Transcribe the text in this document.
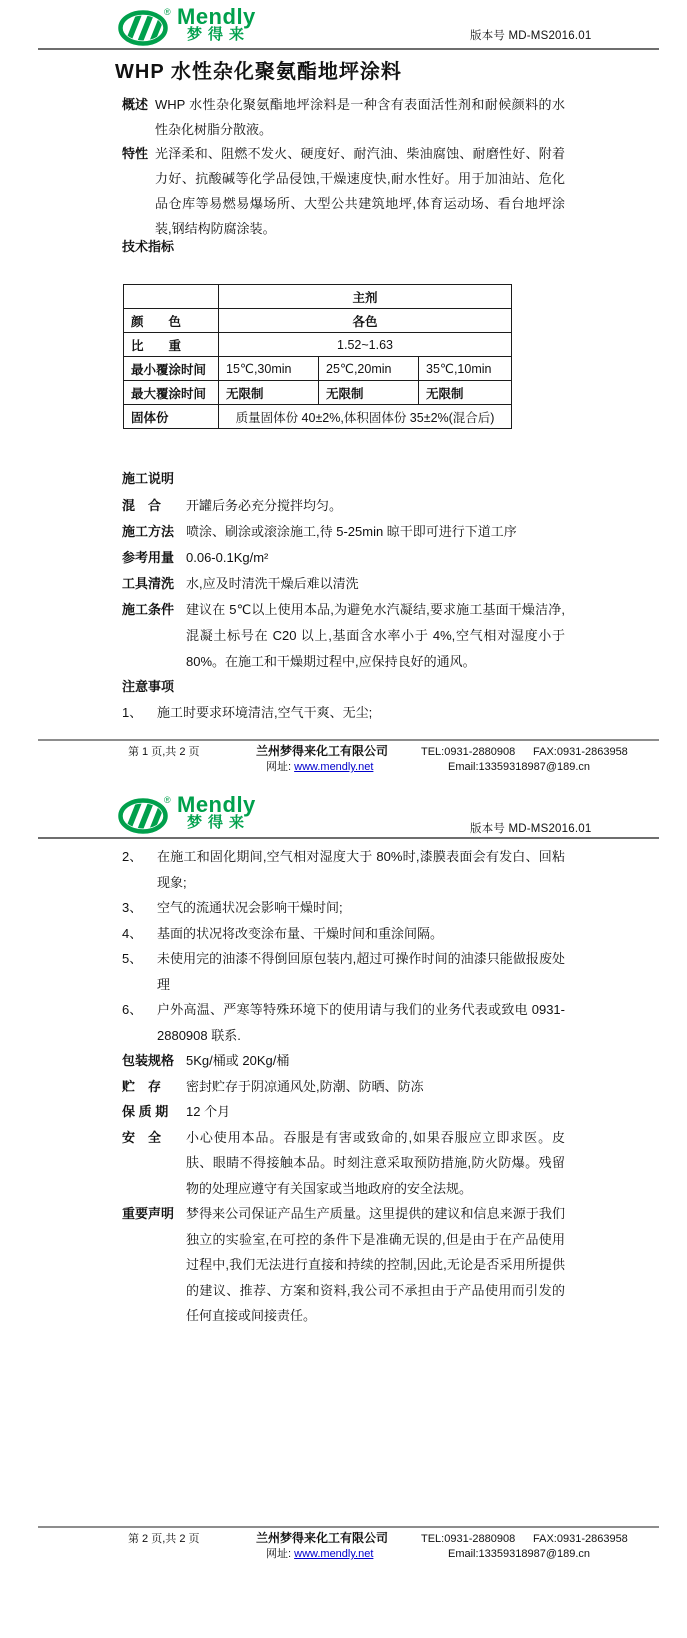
® Mendly
梦得来	版本号 MD-MS2016.01
WHP 水性杂化聚氨酯地坪涂料
概述 WHP 水性杂化聚氨酯地坪涂料是一种含有表面活性剂和耐候颜料的水性杂化树脂分散液。
特性 光泽柔和、阻燃不发火、硬度好、耐汽油、柴油腐蚀、耐磨性好、附着力好、抗酸碱等化学品侵蚀,干燥速度快,耐水性好。用于加油站、危化品仓库等易燃易爆场所、大型公共建筑地坪,体育运动场、看台地坪涂装,钢结构防腐涂装。
技术指标
	主剂		
颜　　色	各色		
比　　重	1.52~1.63		
最小覆涂时间	15℃,30min	25℃,20min	35℃,10min
最大覆涂时间	无限制	无限制	无限制
固体份	质量固体份 40±2%,体积固体份 35±2%(混合后)		
施工说明
混　合	开罐后务必充分搅拌均匀。
施工方法 喷涂、刷涂或滚涂施工,待 5-25min 晾干即可进行下道工序
参考用量 0.06-0.1Kg/m²
工具清洗 水,应及时清洗干燥后难以清洗
施工条件 建议在 5℃以上使用本品,为避免水汽凝结,要求施工基面干燥洁净,混凝土标号在 C20 以上,基面含水率小于 4%,空气相对湿度小于 80%。在施工和干燥期过程中,应保持良好的通风。
注意事项
1、	施工时要求环境清洁,空气干爽、无尘;
第 1 页,共 2 页	兰州梦得来化工有限公司	TEL:0931-2880908	FAX:0931-2863958
网址: www.mendly.net	Email:13359318987@189.cn
® Mendly
梦得来	版本号 MD-MS2016.01
2、	在施工和固化期间,空气相对湿度大于 80%时,漆膜表面会有发白、回粘现象;
3、	空气的流通状况会影响干燥时间;
4、	基面的状况将改变涂布量、干燥时间和重涂间隔。
5、	未使用完的油漆不得倒回原包装内,超过可操作时间的油漆只能做报废处理
6、	户外高温、严寒等特殊环境下的使用请与我们的业务代表或致电 0931-2880908 联系.
包装规格 5Kg/桶或 20Kg/桶
贮　存	密封贮存于阴凉通风处,防潮、防晒、防冻
保 质 期	12 个月
安　全	小心使用本品。吞服是有害或致命的,如果吞服应立即求医。皮肤、眼睛不得接触本品。时刻注意采取预防措施,防火防爆。残留物的处理应遵守有关国家或当地政府的安全法规。
重要声明 梦得来公司保证产品生产质量。这里提供的建议和信息来源于我们独立的实验室,在可控的条件下是准确无误的,但是由于在产品使用过程中,我们无法进行直接和持续的控制,因此,无论是否采用所提供的建议、推荐、方案和资料,我公司不承担由于产品使用而引发的任何直接或间接责任。
第 2 页,共 2 页	兰州梦得来化工有限公司	TEL:0931-2880908	FAX:0931-2863958
网址: www.mendly.net	Email:13359318987@189.cn
